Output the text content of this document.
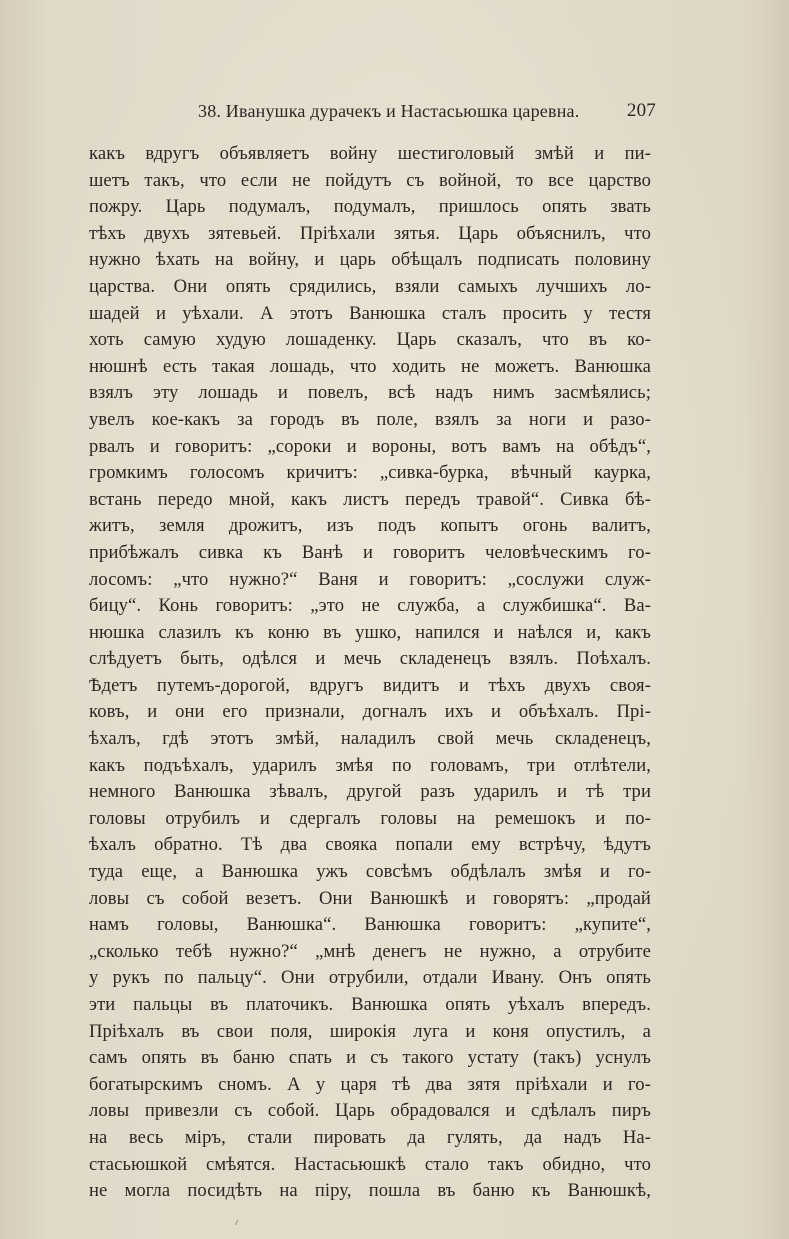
38. Иванушка дурачекъ и Настасьюшка царевна. 207
какъ вдругъ объявляетъ войну шестиголовый змѣй и пи-
шетъ такъ, что если не пойдутъ съ войной, то все царство
пожру. Царь подумалъ, подумалъ, пришлось опять звать
тѣхъ двухъ зятевьей. Пріѣхали зятья. Царь объяснилъ, что
нужно ѣхать на войну, и царь обѣщалъ подписать половину
царства. Они опять срядились, взяли самыхъ лучшихъ ло-
шадей и уѣхали. А этотъ Ванюшка сталъ просить у тестя
хоть самую худую лошаденку. Царь сказалъ, что въ ко-
нюшнѣ есть такая лошадь, что ходить не можетъ. Ванюшка
взялъ эту лошадь и повелъ, всѣ надъ нимъ засмѣялись;
увелъ кое-какъ за городъ въ поле, взялъ за ноги и разо-
рвалъ и говоритъ: „сороки и вороны, вотъ вамъ на обѣдъ“,
громкимъ голосомъ кричитъ: „сивка-бурка, вѣчный каурка,
встань передо мной, какъ листъ передъ травой“. Сивка бѣ-
житъ, земля дрожитъ, изъ подъ копытъ огонь валитъ,
прибѣжалъ сивка къ Ванѣ и говоритъ человѣческимъ го-
лосомъ: „что нужно?“ Ваня и говоритъ: „сослужи служ-
бицу“. Конь говоритъ: „это не служба, а службишка“. Ва-
нюшка слазилъ къ коню въ ушко, напился и наѣлся и, какъ
слѣдуетъ быть, одѣлся и мечь складенецъ взялъ. Поѣхалъ.
Ѣдетъ путемъ-дорогой, вдругъ видитъ и тѣхъ двухъ своя-
ковъ, и они его признали, догналъ ихъ и объѣхалъ. Прі-
ѣхалъ, гдѣ этотъ змѣй, наладилъ свой мечь складенецъ,
какъ подъѣхалъ, ударилъ змѣя по головамъ, три отлѣтели,
немного Ванюшка зѣвалъ, другой разъ ударилъ и тѣ три
головы отрубилъ и сдергалъ головы на ремешокъ и по-
ѣхалъ обратно. Тѣ два свояка попали ему встрѣчу, ѣдутъ
туда еще, а Ванюшка ужъ совсѣмъ обдѣлалъ змѣя и го-
ловы съ собой везетъ. Они Ванюшкѣ и говорятъ: „продай
намъ головы, Ванюшка“. Ванюшка говоритъ: „купите“,
„сколько тебѣ нужно?“ „мнѣ денегъ не нужно, а отрубите
у рукъ по пальцу“. Они отрубили, отдали Ивану. Онъ опять
эти пальцы въ платочикъ. Ванюшка опять уѣхалъ впередъ.
Пріѣхалъ въ свои поля, широкія луга и коня опустилъ, а
самъ опять въ баню спать и съ такого устату (такъ) уснулъ
богатырскимъ сномъ. А у царя тѣ два зятя пріѣхали и го-
ловы привезли съ собой. Царь обрадовался и сдѣлалъ пиръ
на весь міръ, стали пировать да гулять, да надъ На-
стасьюшкой смѣятся. Настасьюшкѣ стало такъ обидно, что
не могла посидѣть на піру, пошла въ баню къ Ванюшкѣ,
